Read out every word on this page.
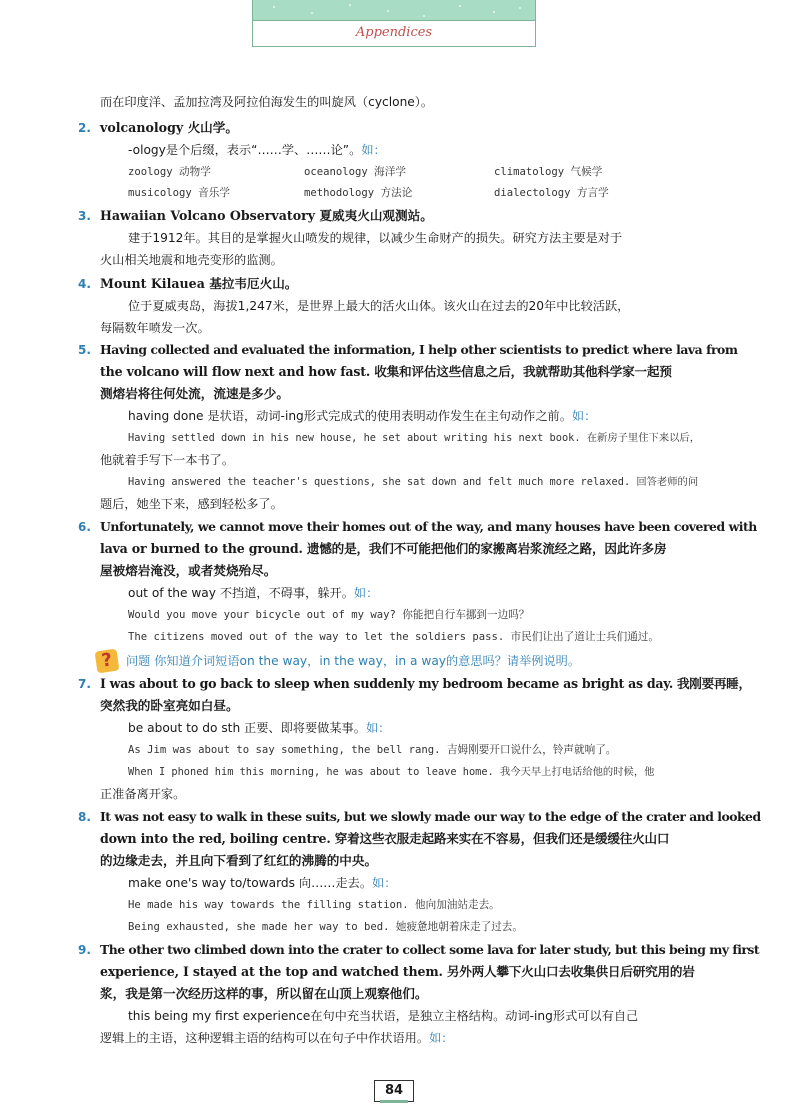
Appendices
而在印度洋、孟加拉湾及阿拉伯海发生的叫旋风（cyclone）。
2. volcanology 火山学。
-ology是个后缀，表示“……学、……论”。如：
zoology 动物学	oceanology 海洋学	climatology 气候学
musicology 音乐学	methodology 方法论	dialectology 方言学
3. Hawaiian Volcano Observatory 夏威夷火山观测站。
建于1912年。其目的是掌握火山喷发的规律，以减少生命财产的损失。研究方法主要是对于
火山相关地震和地壳变形的监测。
4. Mount Kilauea 基拉韦厄火山。
位于夏威夷岛，海拔1,247米，是世界上最大的活火山体。该火山在过去的20年中比较活跃，
每隔数年喷发一次。
5. Having collected and evaluated the information, I help other scientists to predict where lava from
the volcano will flow next and how fast. 收集和评估这些信息之后，我就帮助其他科学家一起预
测熔岩将往何处流，流速是多少。
having done 是状语，动词-ing形式完成式的使用表明动作发生在主句动作之前。如：
Having settled down in his new house, he set about writing his next book. 在新房子里住下来以后，
他就着手写下一本书了。
Having answered the teacher's questions, she sat down and felt much more relaxed. 回答老师的问
题后，她坐下来，感到轻松多了。
6. Unfortunately, we cannot move their homes out of the way, and many houses have been covered with
lava or burned to the ground. 遗憾的是，我们不可能把他们的家搬离岩浆流经之路，因此许多房
屋被熔岩淹没，或者焚烧殆尽。
out of the way 不挡道，不碍事，躲开。如：
Would you move your bicycle out of my way? 你能把自行车挪到一边吗？
The citizens moved out of the way to let the soldiers pass. 市民们让出了道让士兵们通过。
?	问题 你知道介词短语on the way，in the way，in a way的意思吗？请举例说明。
7. I was about to go back to sleep when suddenly my bedroom became as bright as day. 我刚要再睡，
突然我的卧室亮如白昼。
be about to do sth 正要、即将要做某事。如：
As Jim was about to say something, the bell rang. 吉姆刚要开口说什么，铃声就响了。
When I phoned him this morning, he was about to leave home. 我今天早上打电话给他的时候，他
正准备离开家。
8. It was not easy to walk in these suits, but we slowly made our way to the edge of the crater and looked
down into the red, boiling centre. 穿着这些衣服走起路来实在不容易，但我们还是缓缓往火山口
的边缘走去，并且向下看到了红红的沸腾的中央。
make one's way to/towards 向……走去。如：
He made his way towards the filling station. 他向加油站走去。
Being exhausted, she made her way to bed. 她疲惫地朝着床走了过去。
9. The other two climbed down into the crater to collect some lava for later study, but this being my first
experience, I stayed at the top and watched them. 另外两人攀下火山口去收集供日后研究用的岩
浆，我是第一次经历这样的事，所以留在山顶上观察他们。
this being my first experience在句中充当状语，是独立主格结构。动词-ing形式可以有自己
逻辑上的主语，这种逻辑主语的结构可以在句子中作状语用。如：
84
